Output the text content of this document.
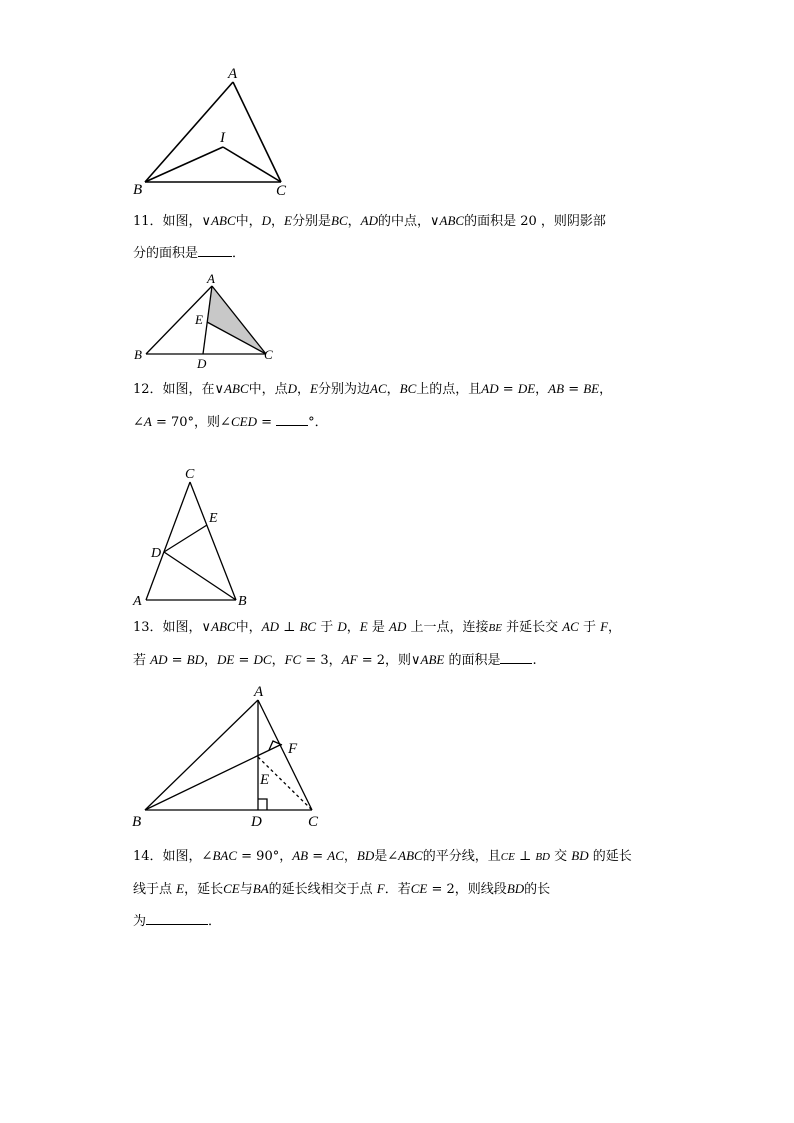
A
I
B	C
11．如图，∨ABC中，D，E分别是BC，AD的中点，∨ABC的面积是 20 ，则阴影部
分的面积是	．
A
E
B	C
D
12．如图，在∨ABC中，点D，E分别为边AC，BC上的点，且AD = DE，AB = BE，
∠A = 70°，则∠CED = °．
C
E
D
A	B
13．如图，∨ABC中，AD ⊥ BC 于 D，E 是 AD 上一点，连接BE 并延长交 AC 于 F，
若 AD = BD，DE = DC，FC = 3，AF = 2，则∨ABE 的面积是 .
A
F
E
B	D	C
14．如图，∠BAC = 90°，AB = AC，BD是∠ABC的平分线，且CE ⊥ BD 交 BD 的延长
线于点 E，延长CE与BA的延长线相交于点 F．若CE = 2，则线段BD的长
为	．
